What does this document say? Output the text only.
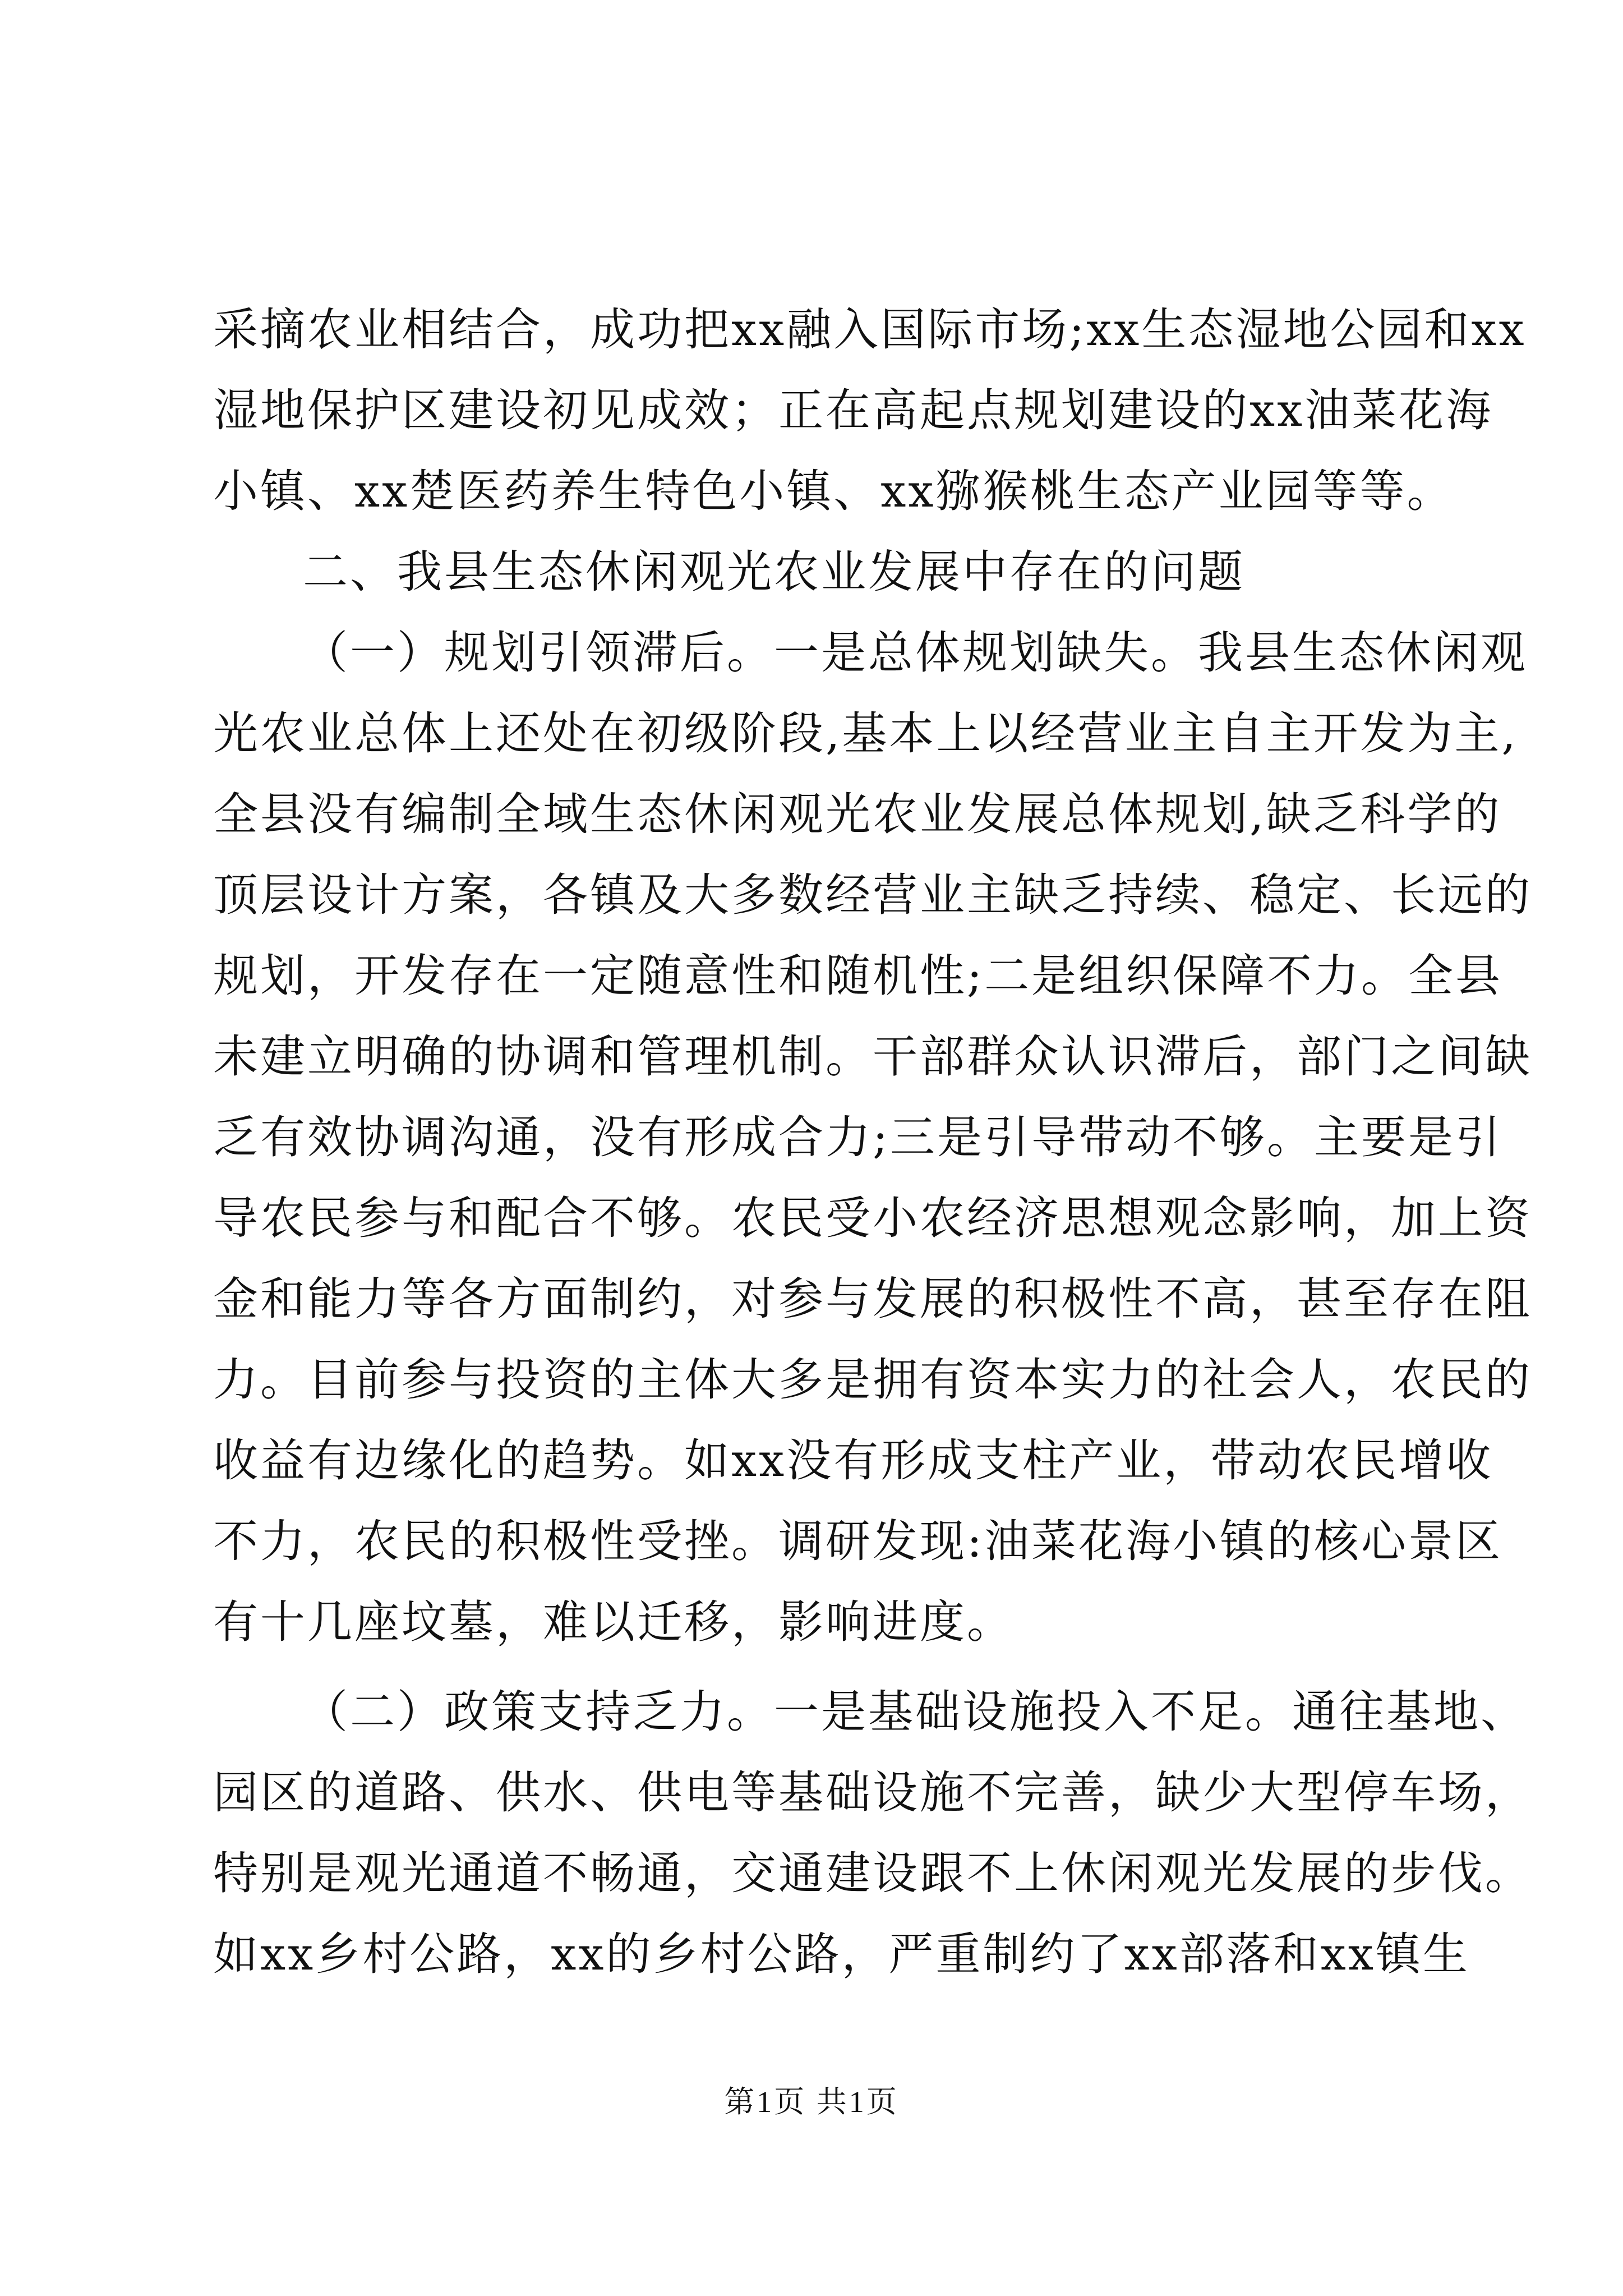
采摘农业相结合，成功把xx融入国际市场;xx生态湿地公园和xx
湿地保护区建设初见成效；正在高起点规划建设的xx油菜花海
小镇、xx楚医药养生特色小镇、xx猕猴桃生态产业园等等。
二、我县生态休闲观光农业发展中存在的问题
（一）规划引领滞后。一是总体规划缺失。我县生态休闲观
光农业总体上还处在初级阶段,基本上以经营业主自主开发为主,
全县没有编制全域生态休闲观光农业发展总体规划,缺乏科学的
顶层设计方案，各镇及大多数经营业主缺乏持续、稳定、长远的
规划，开发存在一定随意性和随机性;二是组织保障不力。全县
未建立明确的协调和管理机制。干部群众认识滞后，部门之间缺
乏有效协调沟通，没有形成合力;三是引导带动不够。主要是引
导农民参与和配合不够。农民受小农经济思想观念影响，加上资
金和能力等各方面制约，对参与发展的积极性不高，甚至存在阻
力。目前参与投资的主体大多是拥有资本实力的社会人，农民的
收益有边缘化的趋势。如xx没有形成支柱产业，带动农民增收
不力，农民的积极性受挫。调研发现:油菜花海小镇的核心景区
有十几座坟墓，难以迁移，影响进度。
（二）政策支持乏力。一是基础设施投入不足。通往基地、
园区的道路、供水、供电等基础设施不完善，缺少大型停车场，
特别是观光通道不畅通，交通建设跟不上休闲观光发展的步伐。
如xx乡村公路，xx的乡村公路，严重制约了xx部落和xx镇生
第1页 共1页
